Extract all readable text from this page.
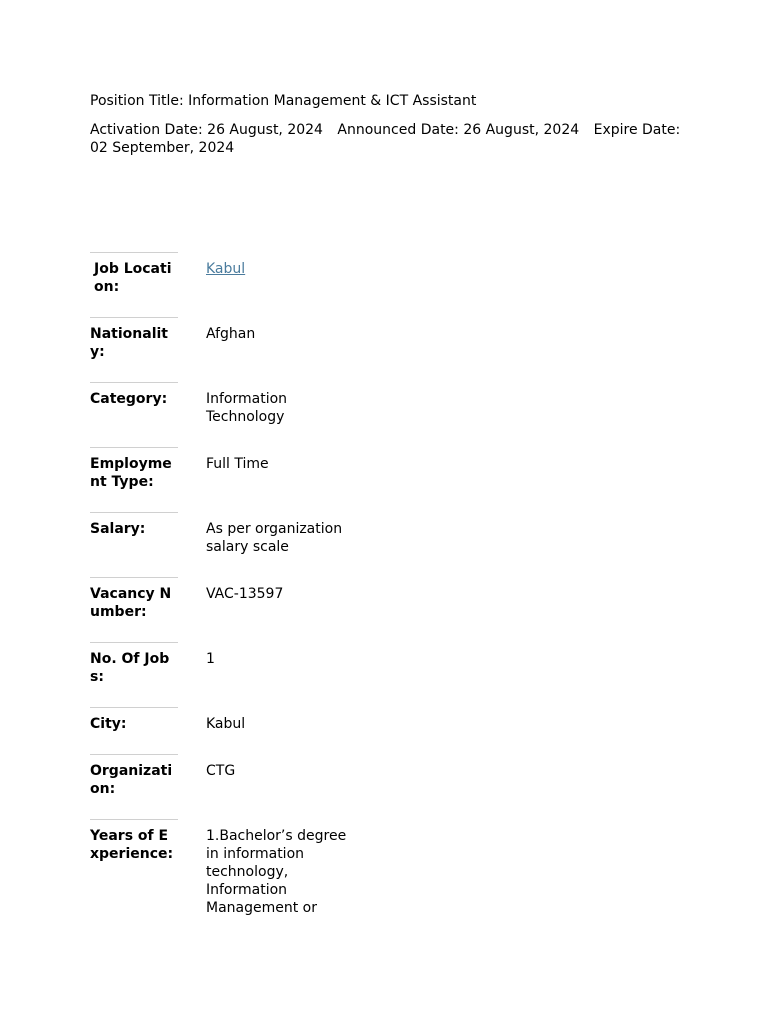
Position Title: Information Management & ICT Assistant

Activation Date: 26 August, 2024 Announced Date: 26 August, 2024 Expire Date: 02 September, 2024

Job Location:
Kabul
Nationality:
Afghan
Category:	Information Technology
Employment Type:
Full Time
Salary:	As per organization salary scale
Vacancy Number:
VAC-13597
No. Of Jobs:
1
City:	Kabul
Organization:
CTG
Years of Experience:
1.Bachelor’s degree in information technology, Information Management or
